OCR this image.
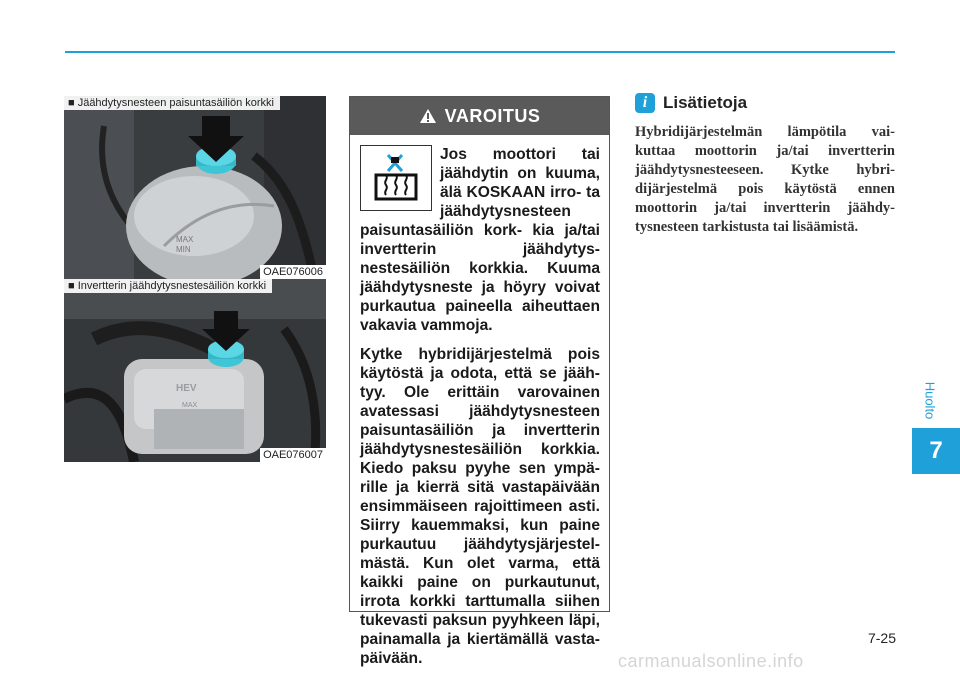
MAX
MIN
■ Jäähdytysnesteen paisuntasäiliön korkki
OAE076006
HEV
MAX
■ Invertterin jäähdytysnestesäiliön korkki
OAE076007
VAROITUS

Jos moottori tai jäähdytin on kuuma, älä KOSKAAN irro- ta jäähdytysnesteen paisuntasäiliön kork- kia ja/tai invertterin jäähdytys- nestesäiliön korkkia. Kuuma jäähdytysneste ja höyry voivat purkautua paineella aiheuttaen vakavia vammoja.

Kytke hybridijärjestelmä pois käytöstä ja odota, että se jääh- tyy. Ole erittäin varovainen avatessasi jäähdytysnesteen paisuntasäiliön ja invertterin jäähdytysnestesäiliön korkkia. Kiedo paksu pyyhe sen ympä- rille ja kierrä sitä vastapäivään ensimmäiseen rajoittimeen asti. Siirry kauemmaksi, kun paine purkautuu jäähdytysjärjestel- mästä. Kun olet varma, että kaikki paine on purkautunut, irrota korkki tarttumalla siihen tukevasti paksun pyyhkeen läpi, painamalla ja kiertämällä vasta- päivään.

i Lisätietoja
Hybridijärjestelmän lämpötila vai- kuttaa moottorin ja/tai invertterin jäähdytysnesteeseen. Kytke hybri- dijärjestelmä pois käytöstä ennen moottorin ja/tai invertterin jäähdy- tysnesteen tarkistusta tai lisäämistä.
Huolto
7
7-25
carmanualsonline.info
